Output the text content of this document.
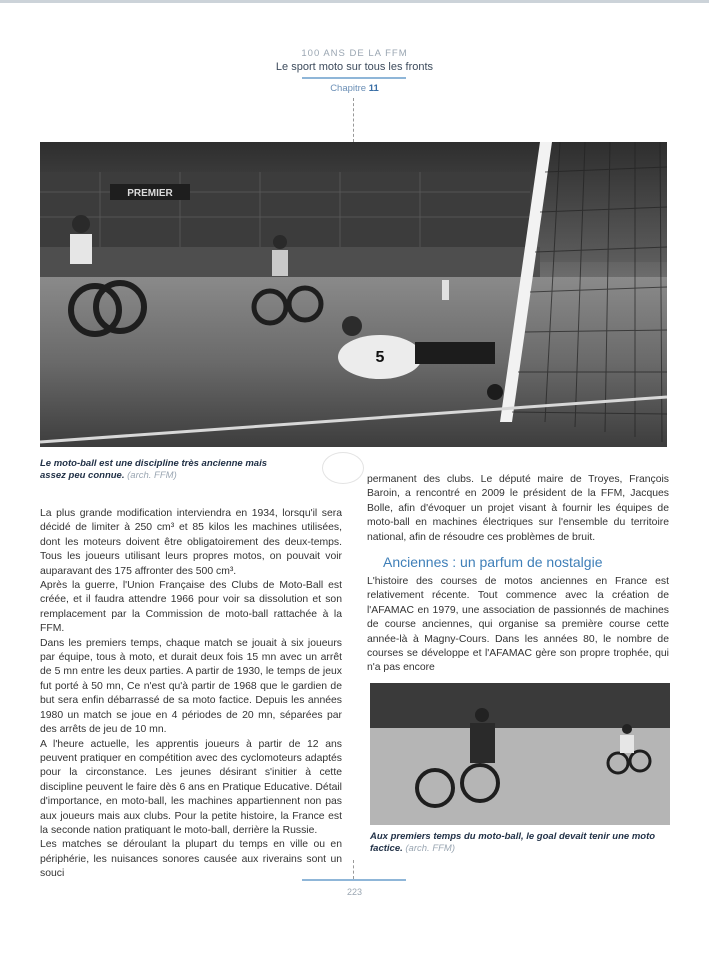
100 ANS DE LA FFM
Le sport moto sur tous les fronts
Chapitre 11
PREMIER
5
Le moto-ball est une discipline très ancienne mais assez peu connue. (arch. FFM)

La plus grande modification interviendra en 1934, lorsqu'il sera décidé de limiter à 250 cm³ et 85 kilos les machines utilisées, dont les moteurs doivent être obligatoirement des deux-temps. Tous les joueurs utilisant leurs propres motos, on pouvait voir auparavant des 175 affronter des 500 cm³.

Après la guerre, l'Union Française des Clubs de Moto-Ball est créée, et il faudra attendre 1966 pour voir sa dissolution et son remplacement par la Commission de moto-ball rattachée à la FFM.

Dans les premiers temps, chaque match se jouait à six joueurs par équipe, tous à moto, et durait deux fois 15 mn avec un arrêt de 5 mn entre les deux parties. A partir de 1930, le temps de jeux fut porté à 50 mn, Ce n'est qu'à partir de 1968 que le gardien de but sera enfin débarrassé de sa moto factice. Depuis les années 1980 un match se joue en 4 périodes de 20 mn, séparées par des arrêts de jeu de 10 mn.

A l'heure actuelle, les apprentis joueurs à partir de 12 ans peuvent pratiquer en compétition avec des cyclomoteurs adaptés pour la circonstance. Les jeunes désirant s'initier à cette discipline peuvent le faire dès 6 ans en Pratique Educative. Détail d'importance, en moto-ball, les machines appartiennent non pas aux joueurs mais aux clubs. Pour la petite histoire, la France est la seconde nation pratiquant le moto-ball, derrière la Russie.

Les matches se déroulant la plupart du temps en ville ou en périphérie, les nuisances sonores causée aux riverains sont un souci

permanent des clubs. Le député maire de Troyes, François Baroin, a rencontré en 2009 le président de la FFM, Jacques Bolle, afin d'évoquer un projet visant à fournir les équipes de moto-ball en machines électriques sur l'ensemble du territoire national, afin de résoudre ces problèmes de bruit.

Anciennes : un parfum de nostalgie

L'histoire des courses de motos anciennes en France est relativement récente. Tout commence avec la création de l'AFAMAC en 1979, une association de passionnés de machines de course anciennes, qui organise sa première course cette année-là à Magny-Cours. Dans les années 80, le nombre de courses se développe et l'AFAMAC gère son propre trophée, qui n'a pas encore

Aux premiers temps du moto-ball, le goal devait tenir une moto factice. (arch. FFM)
223
